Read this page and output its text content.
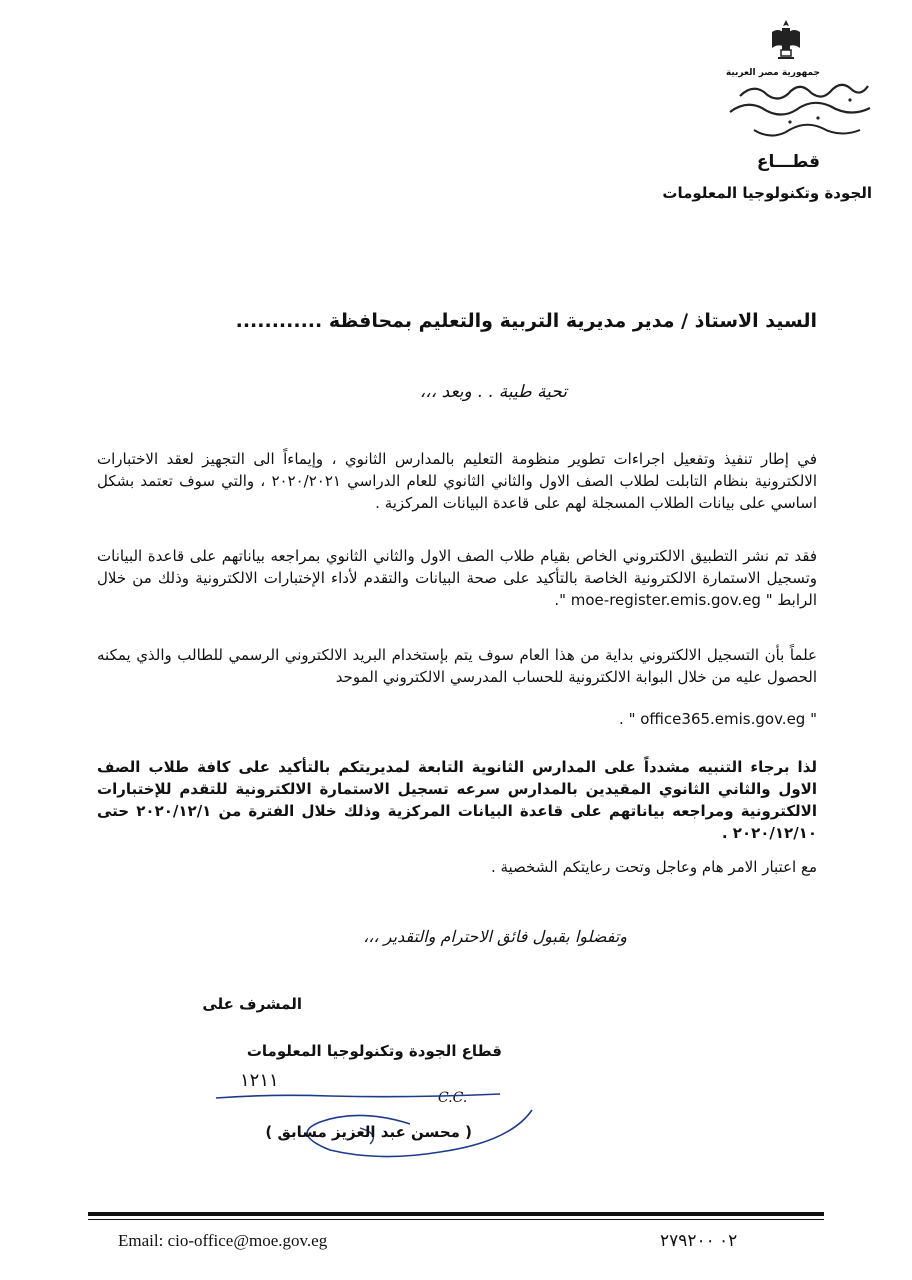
جمهورية مصر العربية
قطـــاع
الجودة وتكنولوجيا المعلومات
السيد الاستاذ / مدير مديرية التربية والتعليم بمحافظة ............
تحية طيبة . . وبعد ،،،
في إطار تنفيذ وتفعيل اجراءات تطوير منظومة التعليم بالمدارس الثانوي ، وإيماءاً الى التجهيز لعقد الاختبارات الالكترونية بنظام التابلت لطلاب الصف الاول والثاني الثانوي للعام الدراسي ٢٠٢٠/٢٠٢١ ، والتي سوف تعتمد بشكل اساسي على بيانات الطلاب المسجلة لهم على قاعدة البيانات المركزية .
فقد تم نشر التطبيق الالكتروني الخاص بقيام طلاب الصف الاول والثاني الثانوي بمراجعه بياناتهم على قاعدة البيانات وتسجيل الاستمارة الالكترونية الخاصة بالتأكيد على صحة البيانات والتقدم لأداء الإختبارات الالكترونية وذلك من خلال الرابط " moe-register.emis.gov.eg ".
علماً بأن التسجيل الالكتروني بداية من هذا العام سوف يتم بإستخدام البريد الالكتروني الرسمي للطالب والذي يمكنه الحصول عليه من خلال البوابة الالكترونية للحساب المدرسي الالكتروني الموحد
" office365.emis.gov.eg " .
لذا برجاء التنبيه مشدداً على المدارس الثانوية التابعة لمديريتكم بالتأكيد على كافة طلاب الصف الاول والثاني الثانوي المقيدين بالمدارس سرعه تسجيل الاستمارة الالكترونية للتقدم للإختبارات الالكترونية ومراجعه بياناتهم على قاعدة البيانات المركزية وذلك خلال الفترة من ٢٠٢٠/١٢/١ حتى ٢٠٢٠/١٢/١٠ .
مع اعتبار الامر هام وعاجل وتحت رعايتكم الشخصية .
وتفضلوا بقبول فائق الاحترام والتقدير ،،،
المشرف على
قطاع الجودة وتكنولوجيا المعلومات
١٢١١
C.C.
( محسن عبد العزيز مسابق )
Email: cio-office@moe.gov.eg	٠٢ ٢٧٩٢٠٠
